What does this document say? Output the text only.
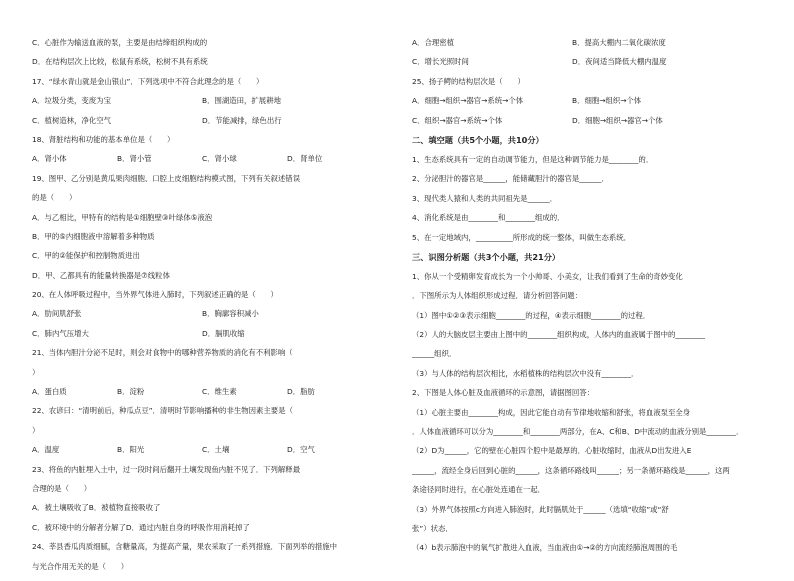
C．心脏作为输送血液的泵，主要是由结缔组织构成的
D．在结构层次上比较，松鼠有系统，松树不具有系统
17、“绿水青山就是金山银山”．下列选项中不符合此理念的是（　　）
A．垃圾分类，变废为宝	B．围湖造田，扩展耕地
C．植树造林，净化空气	D．节能减排，绿色出行
18、肾脏结构和功能的基本单位是（　　）
A．肾小体	B．肾小管	C．肾小球	D．肾单位
19、图甲、乙分别是黄瓜果肉细胞、口腔上皮细胞结构模式图，下列有关叙述错误
的是（　　）
A．与乙相比，甲特有的结构是①细胞壁③叶绿体⑤液泡
B．甲的⑤内细胞液中溶解着多种物质
C．甲的②能保护和控制物质进出
D．甲、乙都具有的能量转换器是⑦线粒体
20、在人体呼吸过程中，当外界气体进入肺时，下列叙述正确的是（　　）
A．肋间肌舒张	B．胸廓容积减小
C．肺内气压增大	D．膈肌收缩
21、当体内胆汁分泌不足时，则会对食物中的哪种营养物质的消化有不利影响（
）
A．蛋白质	B．淀粉	C．维生素	D．脂肪
22、农谚曰：“清明前后，种瓜点豆”．清明时节影响播种的非生物因素主要是（
）
A．温度	B．阳光	C．土壤	D．空气
23、将鱼的内脏埋入土中，过一段时间后翻开土壤发现鱼内脏不见了．下列解释最
合理的是（　　）
A．被土壤吸收了B．被植物直接吸收了
C．被环境中的分解者分解了D．通过内脏自身的呼吸作用消耗掉了
24、莘县香瓜肉质细腻，含糖量高，为提高产量，果农采取了一系列措施．下面列举的措施中
与光合作用无关的是（　　）
A．合理密植	B．提高大棚内二氧化碳浓度
C．增长光照时间	D．夜间适当降低大棚内温度
25、扬子鳄的结构层次是（　　）
A．细胞→组织→器官→系统→个体	B．细胞→组织→个体
C．组织→器官→系统→个体	D．细胞→组织→器官→个体
二、填空题（共5个小题，共10分）
1、生态系统具有一定的自动调节能力，但是这种调节能力是________的．
2、分泌胆汁的器官是______，能储藏胆汁的器官是______．
3、现代类人猿和人类的共同祖先是______．
4、消化系统是由________和________组成的．
5、在一定地域内，__________所形成的统一整体，叫做生态系统．
三、识图分析题（共3个小题，共21分）
1、你从一个受精卵发育成长为一个小帅哥、小美女，让我们看到了生命的奇妙变化
．下图所示为人体组织形成过程．请分析回答问题：
（1）图中①②③表示细胞________的过程，④表示细胞________的过程．
（2）人的大脑皮层主要由上图中的________组织构成，人体内的血液属于图中的________
______组织．
（3）与人体的结构层次相比，水稻植株的结构层次中没有________．
2、下图是人体心脏及血液循环的示意图，请据图回答：
（1）心脏主要由________构成，因此它能自动有节律地收缩和舒张，将血液泵至全身
．人体血液循环可以分为________和________两部分，在A、C和B、D中流动的血液分别是________．
（2）D为______，它的壁在心脏四个腔中是最厚的．心脏收缩时，血液从D出发进入E
______，流经全身后回到心脏的______，这条循环路线叫______；另一条循环路线是______，这两
条途径同时进行，在心脏处连通在一起．
（3）外界气体按照c方向进入肺泡时，此时膈肌处于______（选填“收缩”或“舒
张”）状态．
（4）b表示肺泡中的氧气扩散进入血液，当血液由①→②的方向流经肺泡周围的毛
